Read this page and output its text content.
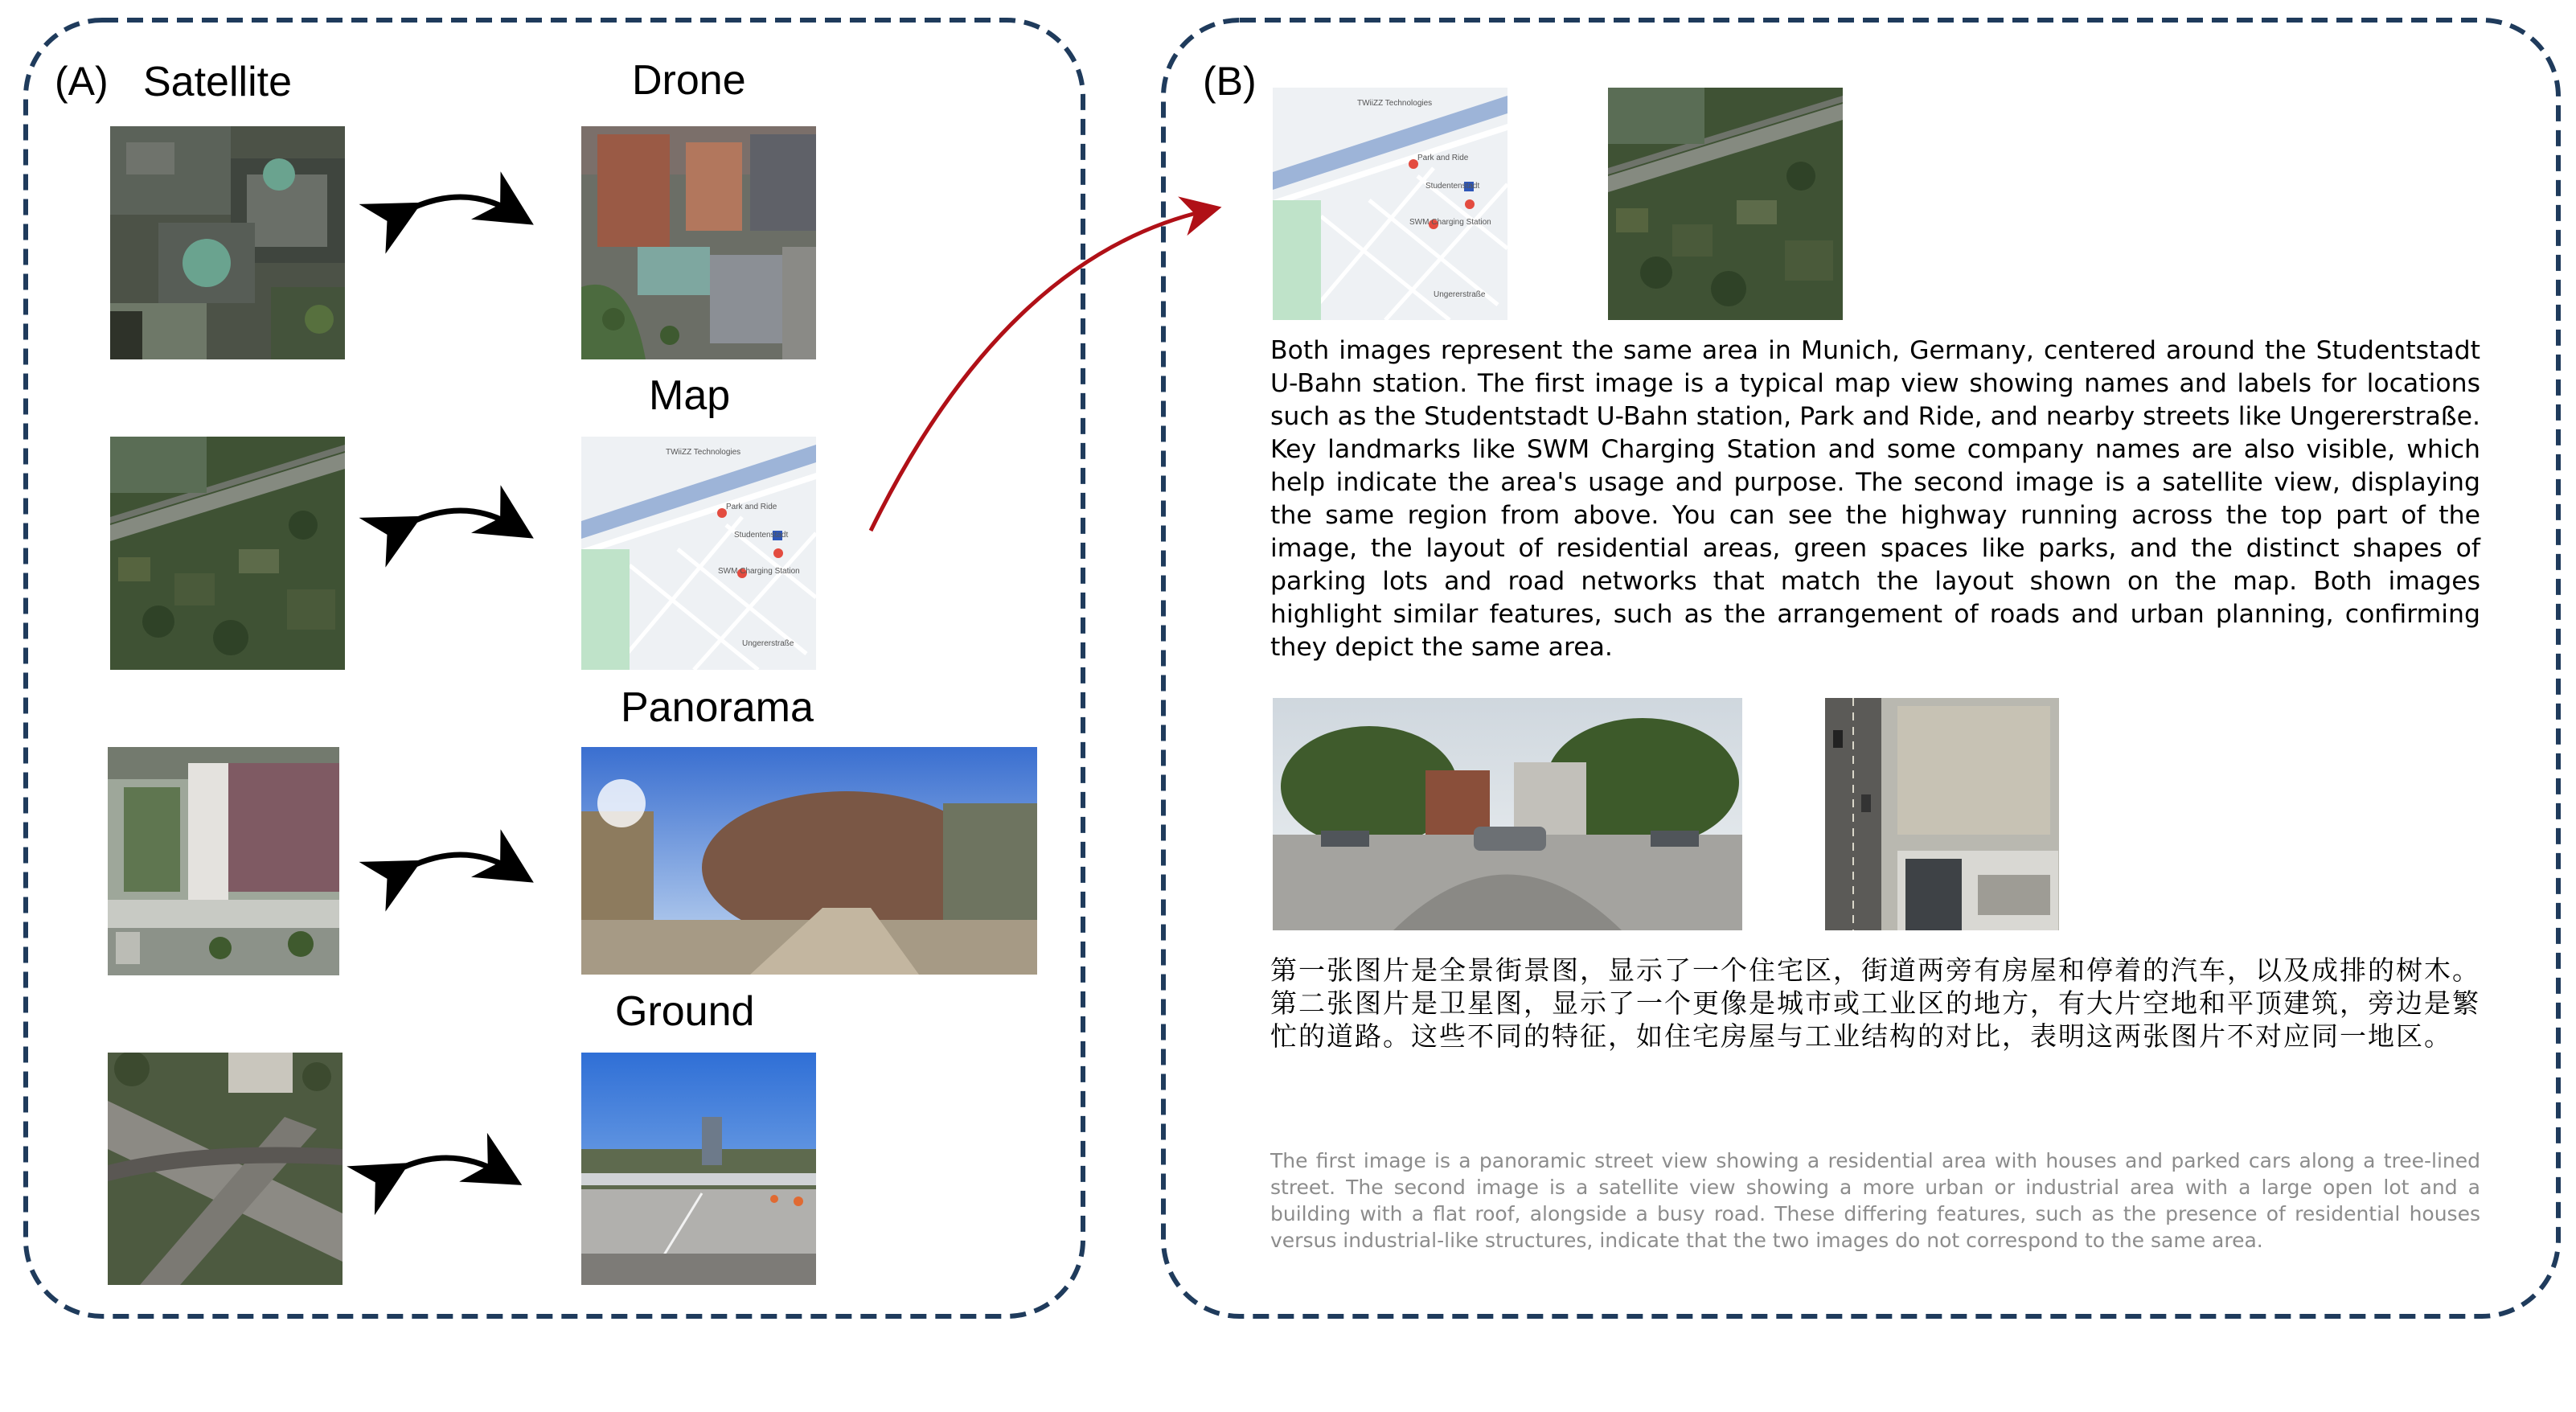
(A) Satellite	Drone
Map
Panorama
Ground
TWiiZZ Technologies
Park and Ride
Studentenstadt
SWM Charging Station
Ungererstraße
(B)	TWiiZZ Technologies
Park and Ride
Studentenstadt
SWM Charging Station
Ungererstraße

Both images represent the same area in Munich, Germany, centered around the Studentstadt U-Bahn station. The first image is a typical map view showing names and labels for locations such as the Studentstadt U-Bahn station, Park and Ride, and nearby streets like Ungererstraße. Key landmarks like SWM Charging Station and some company names are also visible, which help indicate the area's usage and purpose. The second image is a satellite view, displaying the same region from above. You can see the highway running across the top part of the image, the layout of residential areas, green spaces like parks, and the distinct shapes of parking lots and road networks that match the layout shown on the map. Both images highlight similar features, such as the arrangement of roads and urban planning, confirming they depict the same area.

第一张图片是全景街景图，显示了一个住宅区，街道两旁有房屋和停着的汽车，以及成排的树木。第二张图片是卫星图，显示了一个更像是城市或工业区的地方，有大片空地和平顶建筑，旁边是繁忙的道路。这些不同的特征，如住宅房屋与工业结构的对比，表明这两张图片不对应同一地区。

The first image is a panoramic street view showing a residential area with houses and parked cars along a tree-lined street. The second image is a satellite view showing a more urban or industrial area with a large open lot and a building with a flat roof, alongside a busy road. These differing features, such as the presence of residential houses versus industrial-like structures, indicate that the two images do not correspond to the same area.
